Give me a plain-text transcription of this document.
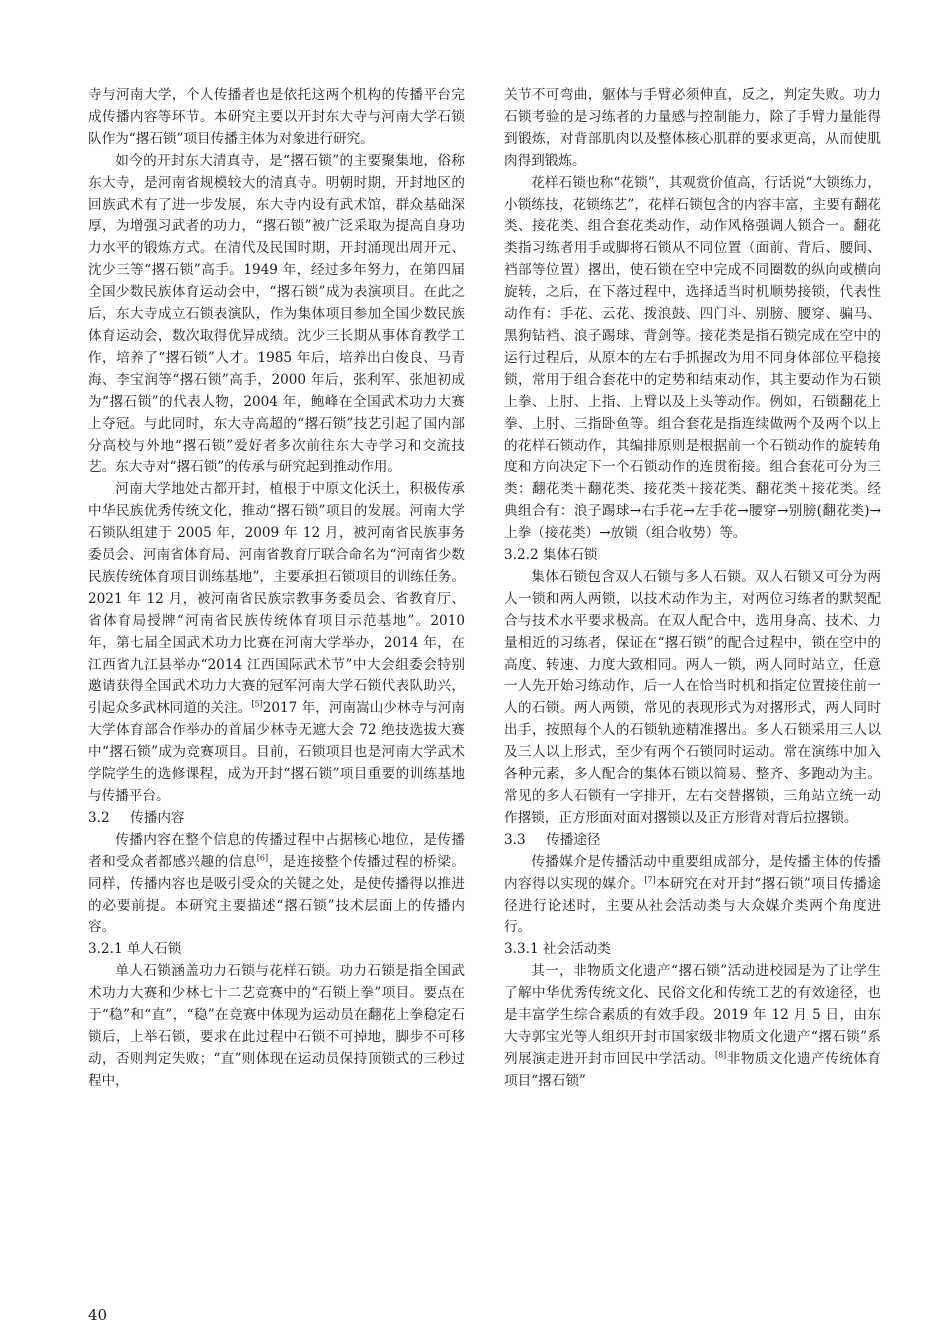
寺与河南大学，个人传播者也是依托这两个机构的传播平台完成传播内容等环节。本研究主要以开封东大寺与河南大学石锁队作为“撂石锁”项目传播主体为对象进行研究。

如今的开封东大清真寺，是“撂石锁”的主要聚集地，俗称东大寺，是河南省规模较大的清真寺。明朝时期，开封地区的回族武术有了进一步发展，东大寺内设有武术馆，群众基础深厚，为增强习武者的功力，“撂石锁”被广泛采取为提高自身功力水平的锻炼方式。在清代及民国时期，开封涌现出周开元、沈少三等“撂石锁”高手。1949 年，经过多年努力，在第四届全国少数民族体育运动会中，“撂石锁”成为表演项目。在此之后，东大寺成立石锁表演队，作为集体项目参加全国少数民族体育运动会，数次取得优异成绩。沈少三长期从事体育教学工作，培养了“撂石锁”人才。1985 年后，培养出白俊良、马青海、李宝润等“撂石锁”高手，2000 年后，张利军、张旭初成为“撂石锁”的代表人物，2004 年，鲍峰在全国武术功力大赛上夺冠。与此同时，东大寺高超的“撂石锁”技艺引起了国内部分高校与外地“撂石锁”爱好者多次前往东大寺学习和交流技艺。东大寺对“撂石锁”的传承与研究起到推动作用。

河南大学地处古都开封，植根于中原文化沃土，积极传承中华民族优秀传统文化，推动“撂石锁”项目的发展。河南大学石锁队组建于 2005 年，2009 年 12 月，被河南省民族事务委员会、河南省体育局、河南省教育厅联合命名为“河南省少数民族传统体育项目训练基地”，主要承担石锁项目的训练任务。2021 年 12 月，被河南省民族宗教事务委员会、省教育厅、省体育局授牌“河南省民族传统体育项目示范基地”。2010 年，第七届全国武术功力比赛在河南大学举办，2014 年，在江西省九江县举办“2014 江西国际武术节”中大会组委会特别邀请获得全国武术功力大赛的冠军河南大学石锁代表队助兴，引起众多武林同道的关注。[5]2017 年，河南嵩山少林寺与河南大学体育部合作举办的首届少林寺无遮大会 72 绝技选拔大赛中“撂石锁”成为竞赛项目。目前，石锁项目也是河南大学武术学院学生的选修课程，成为开封“撂石锁”项目重要的训练基地与传播平台。

3.2 传播内容

传播内容在整个信息的传播过程中占据核心地位，是传播者和受众者都感兴趣的信息[6]，是连接整个传播过程的桥梁。同样，传播内容也是吸引受众的关键之处，是使传播得以推进的必要前提。本研究主要描述“撂石锁”技术层面上的传播内容。

3.2.1 单人石锁

单人石锁涵盖功力石锁与花样石锁。功力石锁是指全国武术功力大赛和少林七十二艺竞赛中的“石锁上拳”项目。要点在于“稳”和“直”，“稳”在竞赛中体现为运动员在翻花上拳稳定石锁后，上举石锁，要求在此过程中石锁不可掉地，脚步不可移动，否则判定失败；“直”则体现在运动员保持顶锁式的三秒过程中，

关节不可弯曲，躯体与手臂必须伸直，反之，判定失败。功力石锁考验的是习练者的力量感与控制能力，除了手臂力量能得到锻炼，对背部肌肉以及整体核心肌群的要求更高，从而使肌肉得到锻炼。

花样石锁也称“花锁”，其观赏价值高，行话说“大锁练力，小锁练技，花锁练艺”，花样石锁包含的内容丰富，主要有翻花类、接花类、组合套花类动作，动作风格强调人锁合一。翻花类指习练者用手或脚将石锁从不同位置（面前、背后、腰间、裆部等位置）撂出，使石锁在空中完成不同圈数的纵向或横向旋转，之后，在下落过程中，选择适当时机顺势接锁，代表性动作有：手花、云花、拨浪鼓、四门斗、别膀、腰穿、骗马、黑狗钻裆、浪子踢球、背剑等。接花类是指石锁完成在空中的运行过程后，从原本的左右手抓握改为用不同身体部位平稳接锁，常用于组合套花中的定势和结束动作，其主要动作为石锁上拳、上肘、上指、上臂以及上头等动作。例如，石锁翻花上拳、上肘、三指卧鱼等。组合套花是指连续做两个及两个以上的花样石锁动作，其编排原则是根据前一个石锁动作的旋转角度和方向决定下一个石锁动作的连贯衔接。组合套花可分为三类：翻花类＋翻花类、接花类＋接花类、翻花类＋接花类。经典组合有：浪子踢球→右手花→左手花→腰穿→别膀(翻花类)→上拳（接花类）→放锁（组合收势）等。

3.2.2 集体石锁

集体石锁包含双人石锁与多人石锁。双人石锁又可分为两人一锁和两人两锁，以技术动作为主，对两位习练者的默契配合与技术水平要求极高。在双人配合中，选用身高、技术、力量相近的习练者，保证在“撂石锁”的配合过程中，锁在空中的高度、转速、力度大致相同。两人一锁，两人同时站立，任意一人先开始习练动作，后一人在恰当时机和指定位置接住前一人的石锁。两人两锁，常见的表现形式为对撂形式，两人同时出手，按照每个人的石锁轨迹精准撂出。多人石锁采用三人以及三人以上形式，至少有两个石锁同时运动。常在演练中加入各种元素，多人配合的集体石锁以简易、整齐、多跑动为主。常见的多人石锁有一字排开，左右交替撂锁，三角站立统一动作撂锁，正方形面对面对撂锁以及正方形背对背后拉撂锁。

3.3 传播途径

传播媒介是传播活动中重要组成部分，是传播主体的传播内容得以实现的媒介。[7]本研究在对开封“撂石锁”项目传播途径进行论述时，主要从社会活动类与大众媒介类两个角度进行。

3.3.1 社会活动类

其一，非物质文化遗产“撂石锁”活动进校园是为了让学生了解中华优秀传统文化、民俗文化和传统工艺的有效途径，也是丰富学生综合素质的有效手段。2019 年 12 月 5 日，由东大寺郭宝光等人组织开封市国家级非物质文化遗产“撂石锁”系列展演走进开封市回民中学活动。[8]非物质文化遗产传统体育项目“撂石锁”

40
